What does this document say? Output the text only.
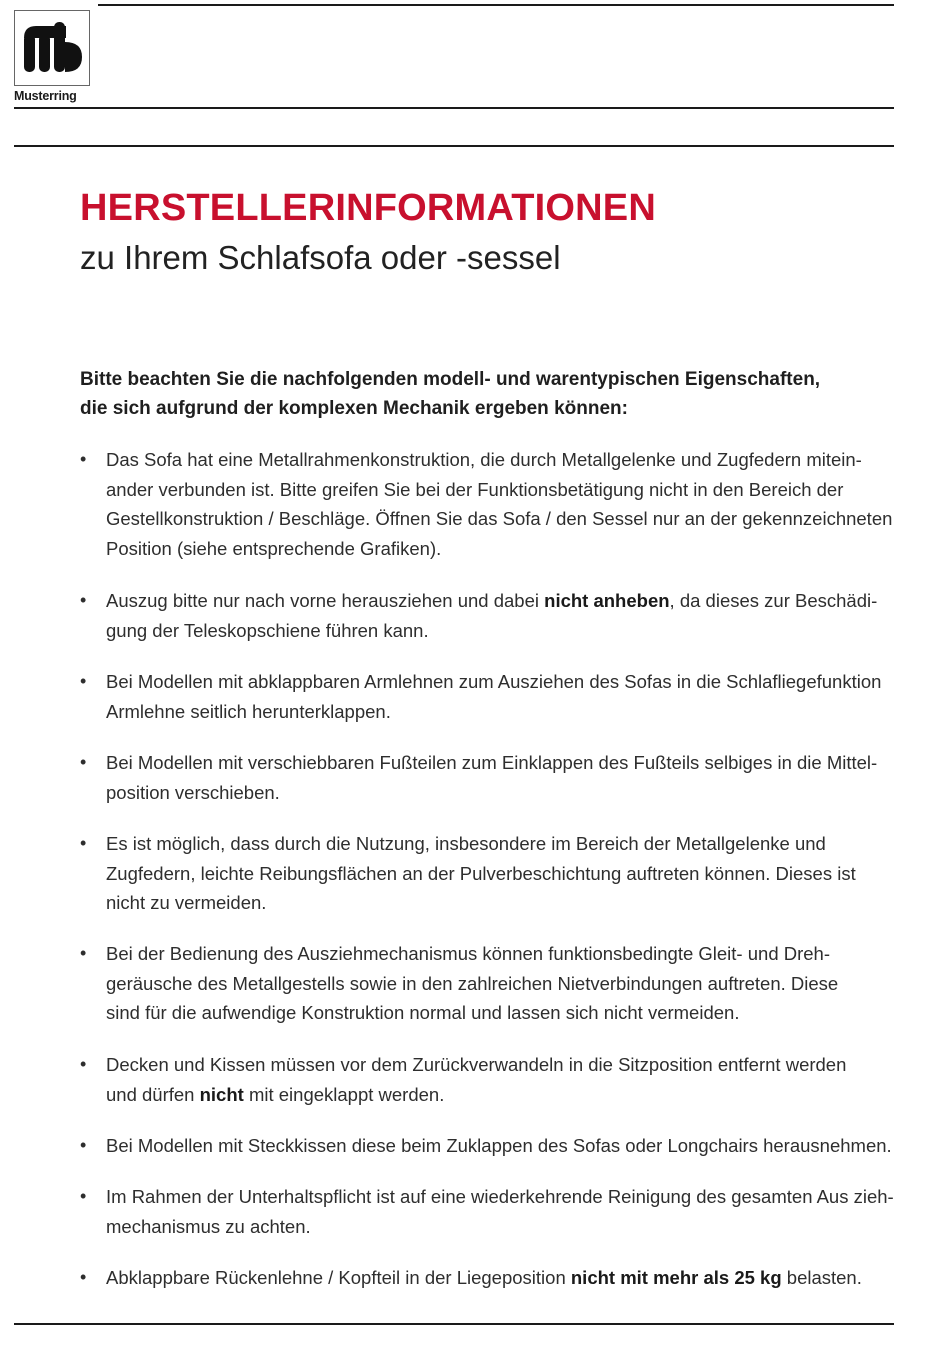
Musterring
HERSTELLERINFORMATIONEN
zu Ihrem Schlafsofa oder -sessel
Bitte beachten Sie die nachfolgenden modell- und warentypischen Eigenschaften,
die sich aufgrund der komplexen Mechanik ergeben können:
•	Das Sofa hat eine Metallrahmenkonstruktion, die durch Metallgelenke und Zugfedern mitein-
ander verbunden ist. Bitte greifen Sie bei der Funktionsbetätigung nicht in den Bereich der
Gestellkonstruktion / Beschläge. Öffnen Sie das Sofa / den Sessel nur an der gekennzeichneten
Position (siehe entsprechende Grafiken).
•	Auszug bitte nur nach vorne herausziehen und dabei nicht anheben, da dieses zur Beschädi-
gung der Teleskopschiene führen kann.
•	Bei Modellen mit abklappbaren Armlehnen zum Ausziehen des Sofas in die Schlafliegefunktion
Armlehne seitlich herunterklappen.
•	Bei Modellen mit verschiebbaren Fußteilen zum Einklappen des Fußteils selbiges in die Mittel-
position verschieben.
•	Es ist möglich, dass durch die Nutzung, insbesondere im Bereich der Metallgelenke und
Zugfedern, leichte Reibungsflächen an der Pulverbeschichtung auftreten können. Dieses ist
nicht zu vermeiden.
•	Bei der Bedienung des Ausziehmechanismus können funktionsbedingte Gleit- und Dreh-
geräusche des Metallgestells sowie in den zahlreichen Nietverbindungen auftreten. Diese
sind für die aufwendige Konstruktion normal und lassen sich nicht vermeiden.
•	Decken und Kissen müssen vor dem Zurückverwandeln in die Sitzposition entfernt werden
und dürfen nicht mit eingeklappt werden.
•	Bei Modellen mit Steckkissen diese beim Zuklappen des Sofas oder Longchairs herausnehmen.
•	Im Rahmen der Unterhaltspflicht ist auf eine wiederkehrende Reinigung des gesamten Aus zieh-
mechanismus zu achten.
•	Abklappbare Rückenlehne / Kopfteil in der Liegeposition nicht mit mehr als 25 kg belasten.
